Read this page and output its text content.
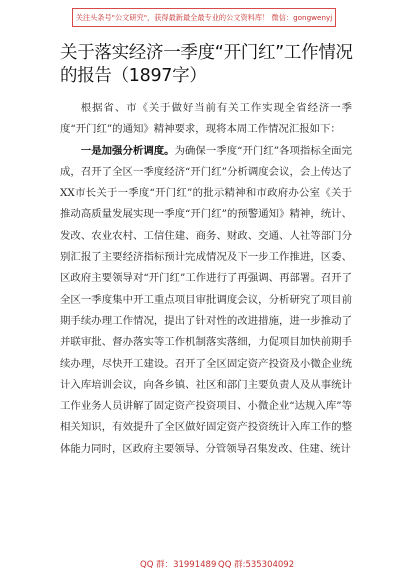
关注头条号"公文研究"，获得最新最全最专业的公文资料库！ 微信：gongwenyj
关于落实经济一季度“开门红”工作情况的报告（1897字）

根据省、市《关于做好当前有关工作实现全省经济一季度“开门红”的通知》精神要求，现将本周工作情况汇报如下：

一是加强分析调度。为确保一季度“开门红”各项指标全面完成，召开了全区一季度经济“开门红”分析调度会议，会上传达了XX市长关于一季度“开门红”的批示精神和市政府办公室《关于推动高质量发展实现一季度“开门红”的预警通知》精神，统计、发改、农业农村、工信住建、商务、财政、交通、人社等部门分别汇报了主要经济指标预计完成情况及下一步工作推进，区委、区政府主要领导对“开门红”工作进行了再强调、再部署。召开了全区一季度集中开工重点项目审批调度会议，分析研究了项目前期手续办理工作情况，提出了针对性的改进措施，进一步推动了并联审批、督办落实等工作机制落实落细，力促项目加快前期手续办理，尽快开工建设。召开了全区固定资产投资及小微企业统计入库培训会议，向各乡镇、社区和部门主要负责人及从事统计工作业务人员讲解了固定资产投资项目、小微企业“达规入库”等相关知识，有效提升了全区做好固定资产投资统计入库工作的整体能力同时，区政府主要领导、分管领导召集发改、住建、统计

QQ 群：31991489 QQ 群:535304092
